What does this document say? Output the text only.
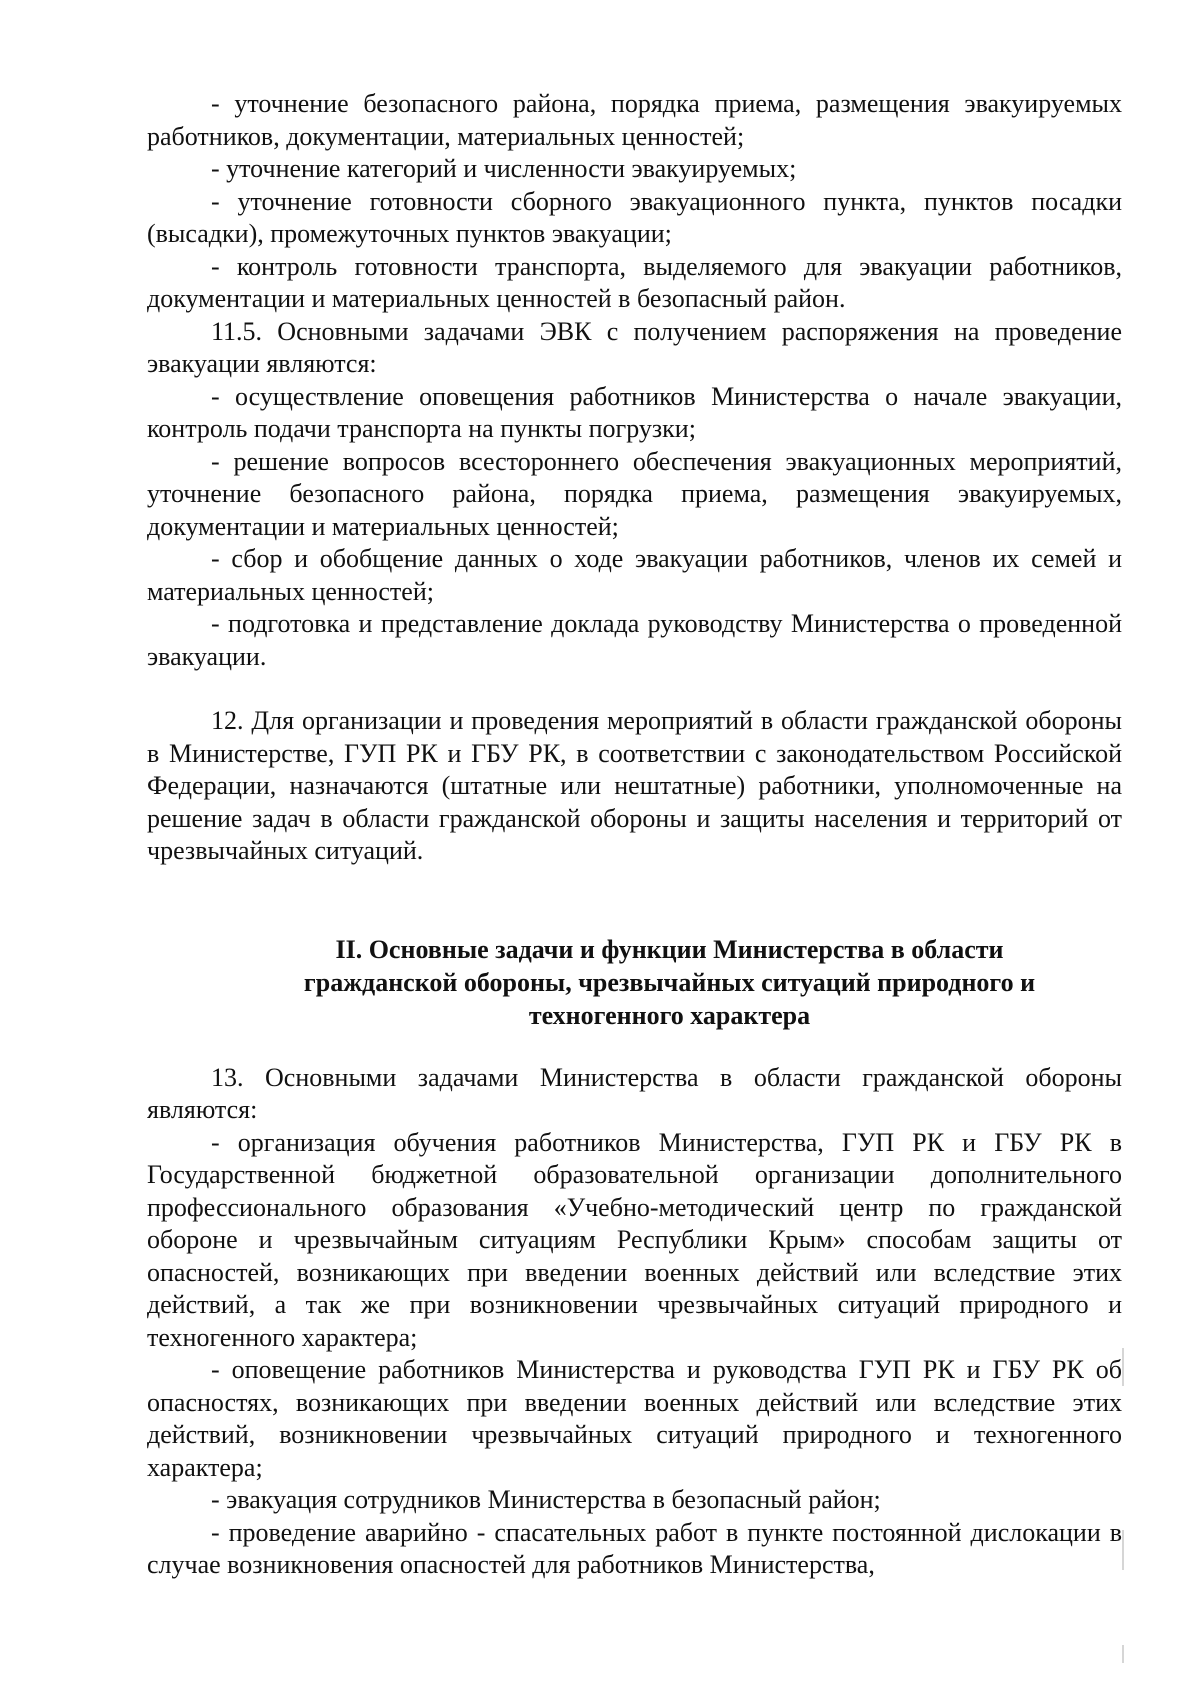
- уточнение безопасного района, порядка приема, размещения эвакуируемых работников, документации, материальных ценностей;

- уточнение категорий и численности эвакуируемых;

- уточнение готовности сборного эвакуационного пункта, пунктов посадки (высадки), промежуточных пунктов эвакуации;

- контроль готовности транспорта, выделяемого для эвакуации работников, документации и материальных ценностей в безопасный район.

11.5. Основными задачами ЭВК с получением распоряжения на проведение эвакуации являются:

- осуществление оповещения работников Министерства о начале эвакуации, контроль подачи транспорта на пункты погрузки;

- решение вопросов всестороннего обеспечения эвакуационных мероприятий, уточнение безопасного района, порядка приема, размещения эвакуируемых, документации и материальных ценностей;

- сбор и обобщение данных о ходе эвакуации работников, членов их семей и материальных ценностей;

- подготовка и представление доклада руководству Министерства о проведенной эвакуации.

12. Для организации и проведения мероприятий в области гражданской обороны в Министерстве, ГУП РК и ГБУ РК, в соответствии с законодательством Российской Федерации, назначаются (штатные или нештатные) работники, уполномоченные на решение задач в области гражданской обороны и защиты населения и территорий от чрезвычайных ситуаций.

II. Основные задачи и функции Министерства в области

гражданской обороны, чрезвычайных ситуаций природного и

техногенного характера

13. Основными задачами Министерства в области гражданской обороны являются:

- организация обучения работников Министерства, ГУП РК и ГБУ РК в Государственной бюджетной образовательной организации дополнительного профессионального образования «Учебно-методический центр по гражданской обороне и чрезвычайным ситуациям Республики Крым» способам защиты от опасностей, возникающих при введении военных действий или вследствие этих действий, а так же при возникновении чрезвычайных ситуаций природного и техногенного характера;

- оповещение работников Министерства и руководства ГУП РК и ГБУ РК об опасностях, возникающих при введении военных действий или вследствие этих действий, возникновении чрезвычайных ситуаций природного и техногенного характера;

- эвакуация сотрудников Министерства в безопасный район;

- проведение аварийно - спасательных работ в пункте постоянной дислокации в случае возникновения опасностей для работников Министерства,
